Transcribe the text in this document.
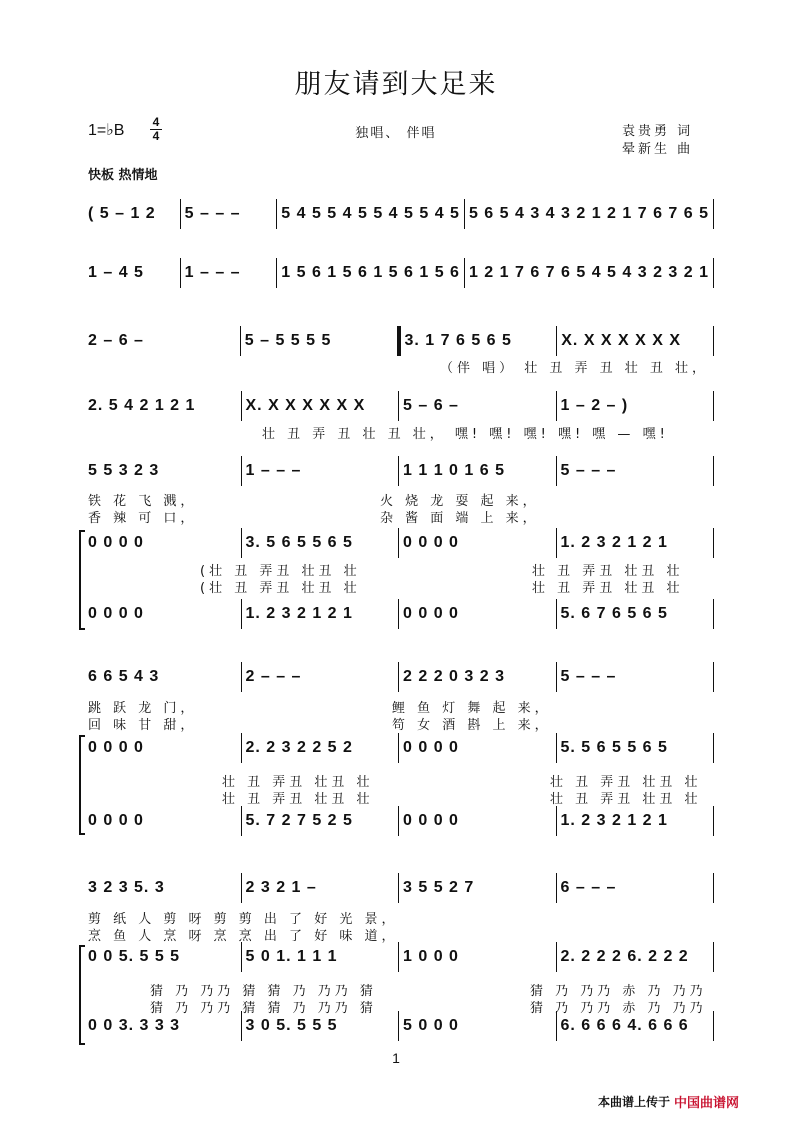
朋友请到大足来
1=♭B	4
4	独唱、 伴唱	袁贵勇 词
晕新生 曲
快板 热情地
( 5 – 1 2	5 – – –	5 4 5 5 4 5 5 4 5 5 4 5 5 6 5 4 3 4 3 2 1 2 1 7 6 7 6 5
1 – 4 5	1 – – –	1 5 6 1 5 6 1 5 6 1 5 6 1 2 1 7 6 7 6 5 4 5 4 3 2 3 2 1
2 – 6 –	5 – 5 5 5 5	3. 1 7 6 5 6 5	X. X X X X X X
2. 5 4 2 1 2 1	X. X X X X X X	5 – 6 –	1 – 2 – )
5 5 3 2 3	1 – – –	1 1 1 0 1 6 5	5 – – –
0 0 0 0	3. 5 6 5 5 6 5	0 0 0 0	1. 2 3 2 1 2 1
0 0 0 0	1. 2 3 2 1 2 1	0 0 0 0	5. 6 7 6 5 6 5
6 6 5 4 3	2 – – –	2 2 2 0 3 2 3	5 – – –
0 0 0 0	2. 2 3 2 2 5 2	0 0 0 0	5. 5 6 5 5 6 5
0 0 0 0	5. 7 2 7 5 2 5	0 0 0 0	1. 2 3 2 1 2 1
3 2 3 5. 3	2 3 2 1 –	3 5 5 2 7	6 – – –
0 0 5. 5 5 5	5 0 1. 1 1 1	1 0 0 0	2. 2 2 2 6. 2 2 2
0 0 3. 3 3 3	3 0 5. 5 5 5	5 0 0 0	6. 6 6 6 4. 6 6 6
（伴 唱） 壮 丑 弄 丑 壮 丑 壮，
壮 丑 弄 丑 壮 丑 壮， 嘿! 嘿! 嘿! 嘿! 嘿 — 嘿!
铁 花 飞 溅，	火 烧 龙 耍 起 来，
香 辣 可 口，	杂 酱 面 端 上 来，
(壮 丑 弄丑 壮丑 壮	壮 丑 弄丑 壮丑 壮
(壮 丑 弄丑 壮丑 壮	壮 丑 弄丑 壮丑 壮
跳 跃 龙 门，	鲤 鱼 灯 舞 起 来，
回 味 甘 甜，	笱 女 酒 斟 上 来，
壮 丑 弄丑 壮丑 壮	壮 丑 弄丑 壮丑 壮
壮 丑 弄丑 壮丑 壮	壮 丑 弄丑 壮丑 壮
剪 纸 人 剪 呀 剪 剪 出 了 好 光 景，
烹 鱼 人 烹 呀 烹 烹 出 了 好 味 道，
猜 乃 乃乃 猜 猜 乃 乃乃 猜	猜 乃 乃乃 赤 乃 乃乃
猜 乃 乃乃 猜 猜 乃 乃乃 猜	猜 乃 乃乃 赤 乃 乃乃
1
本曲谱上传于 中国曲谱网
